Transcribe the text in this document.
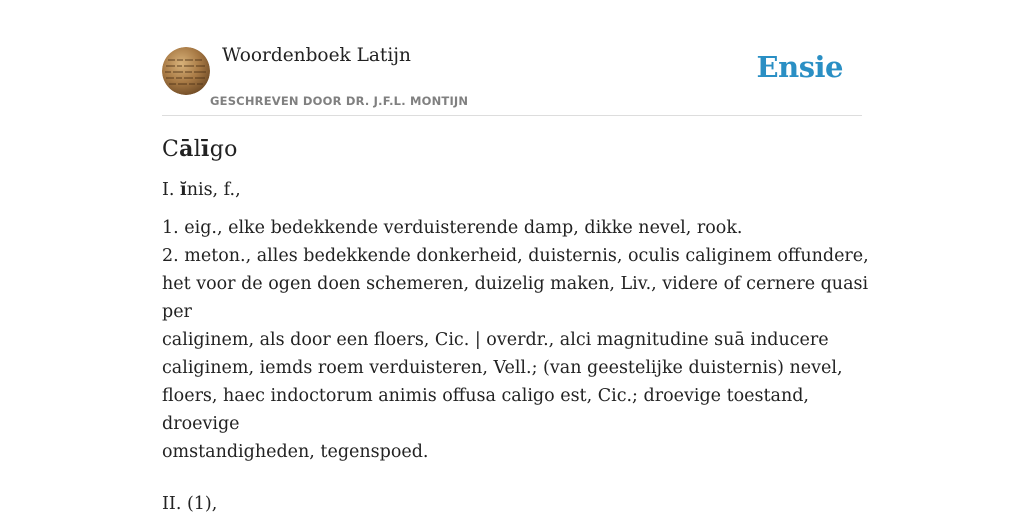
Woordenboek Latijn
GESCHREVEN DOOR DR. J.F.L. MONTIJN
Ensie
Cālīgo

I. ĭnis, f.,

1. eig., elke bedekkende verduisterende damp, dikke nevel, rook.
2. meton., alles bedekkende donkerheid, duisternis, oculis caliginem offundere,
het voor de ogen doen schemeren, duizelig maken, Liv., videre of cernere quasi per
caliginem, als door een floers, Cic. | overdr., alci magnitudine suā inducere
caliginem, iemds roem verduisteren, Vell.; (van geestelijke duisternis) nevel,
floers, haec indoctorum animis offusa caligo est, Cic.; droevige toestand, droevige
omstandigheden, tegenspoed.

II. (1),
